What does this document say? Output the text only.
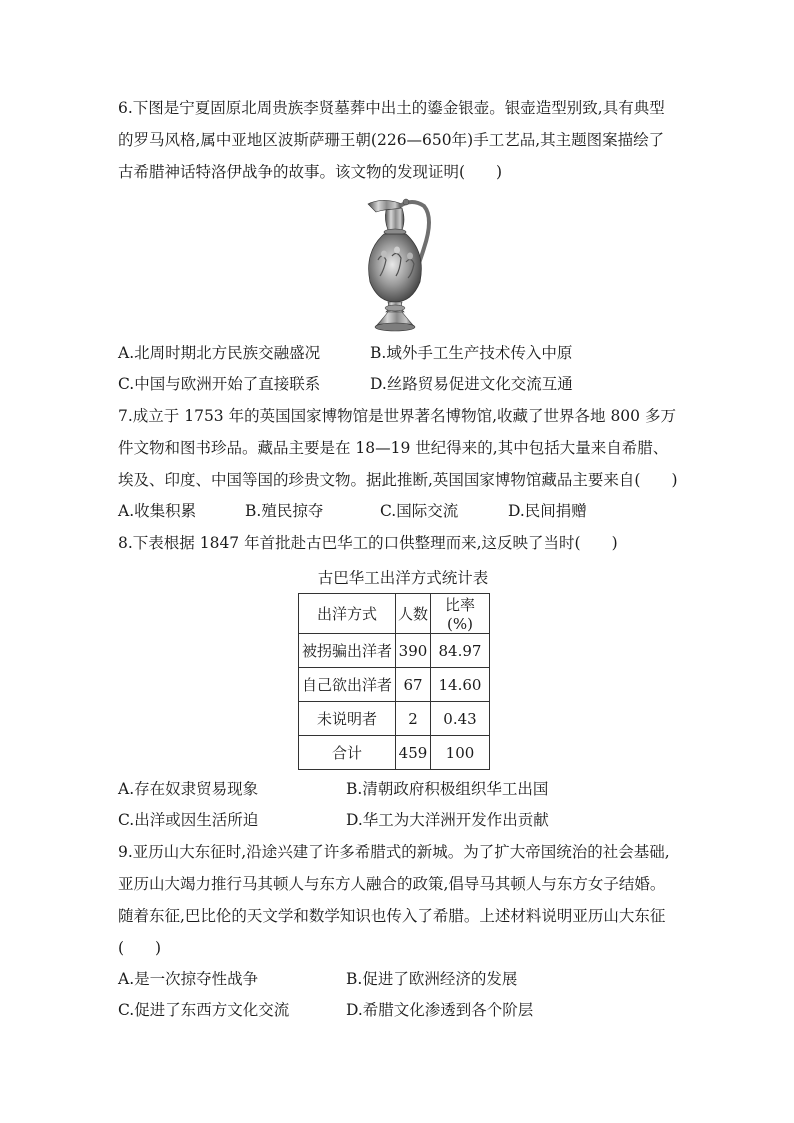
6.下图是宁夏固原北周贵族李贤墓葬中出土的鎏金银壶。银壶造型别致,具有典型

的罗马风格,属中亚地区波斯萨珊王朝(226—650年)手工艺品,其主题图案描绘了

古希腊神话特洛伊战争的故事。该文物的发现证明(　　)

A.北周时期北方民族交融盛况	B.域外手工生产技术传入中原
C.中国与欧洲开始了直接联系	D.丝路贸易促进文化交流互通

7.成立于 1753 年的英国国家博物馆是世界著名博物馆,收藏了世界各地 800 多万

件文物和图书珍品。藏品主要是在 18—19 世纪得来的,其中包括大量来自希腊、

埃及、印度、中国等国的珍贵文物。据此推断,英国国家博物馆藏品主要来自(　　)

A.收集积累	B.殖民掠夺	C.国际交流	D.民间捐赠

8.下表根据 1847 年首批赴古巴华工的口供整理而来,这反映了当时(　　)

古巴华工出洋方式统计表
出洋方式	人数	比率(%)
被拐骗出洋者	390	84.97
自己欲出洋者	67	14.60
未说明者	2	0.43
合计	459	100
A.存在奴隶贸易现象	B.清朝政府积极组织华工出国
C.出洋或因生活所迫	D.华工为大洋洲开发作出贡献

9.亚历山大东征时,沿途兴建了许多希腊式的新城。为了扩大帝国统治的社会基础,

亚历山大竭力推行马其顿人与东方人融合的政策,倡导马其顿人与东方女子结婚。

随着东征,巴比伦的天文学和数学知识也传入了希腊。上述材料说明亚历山大东征

(　　)

A.是一次掠夺性战争	B.促进了欧洲经济的发展
C.促进了东西方文化交流	D.希腊文化渗透到各个阶层
